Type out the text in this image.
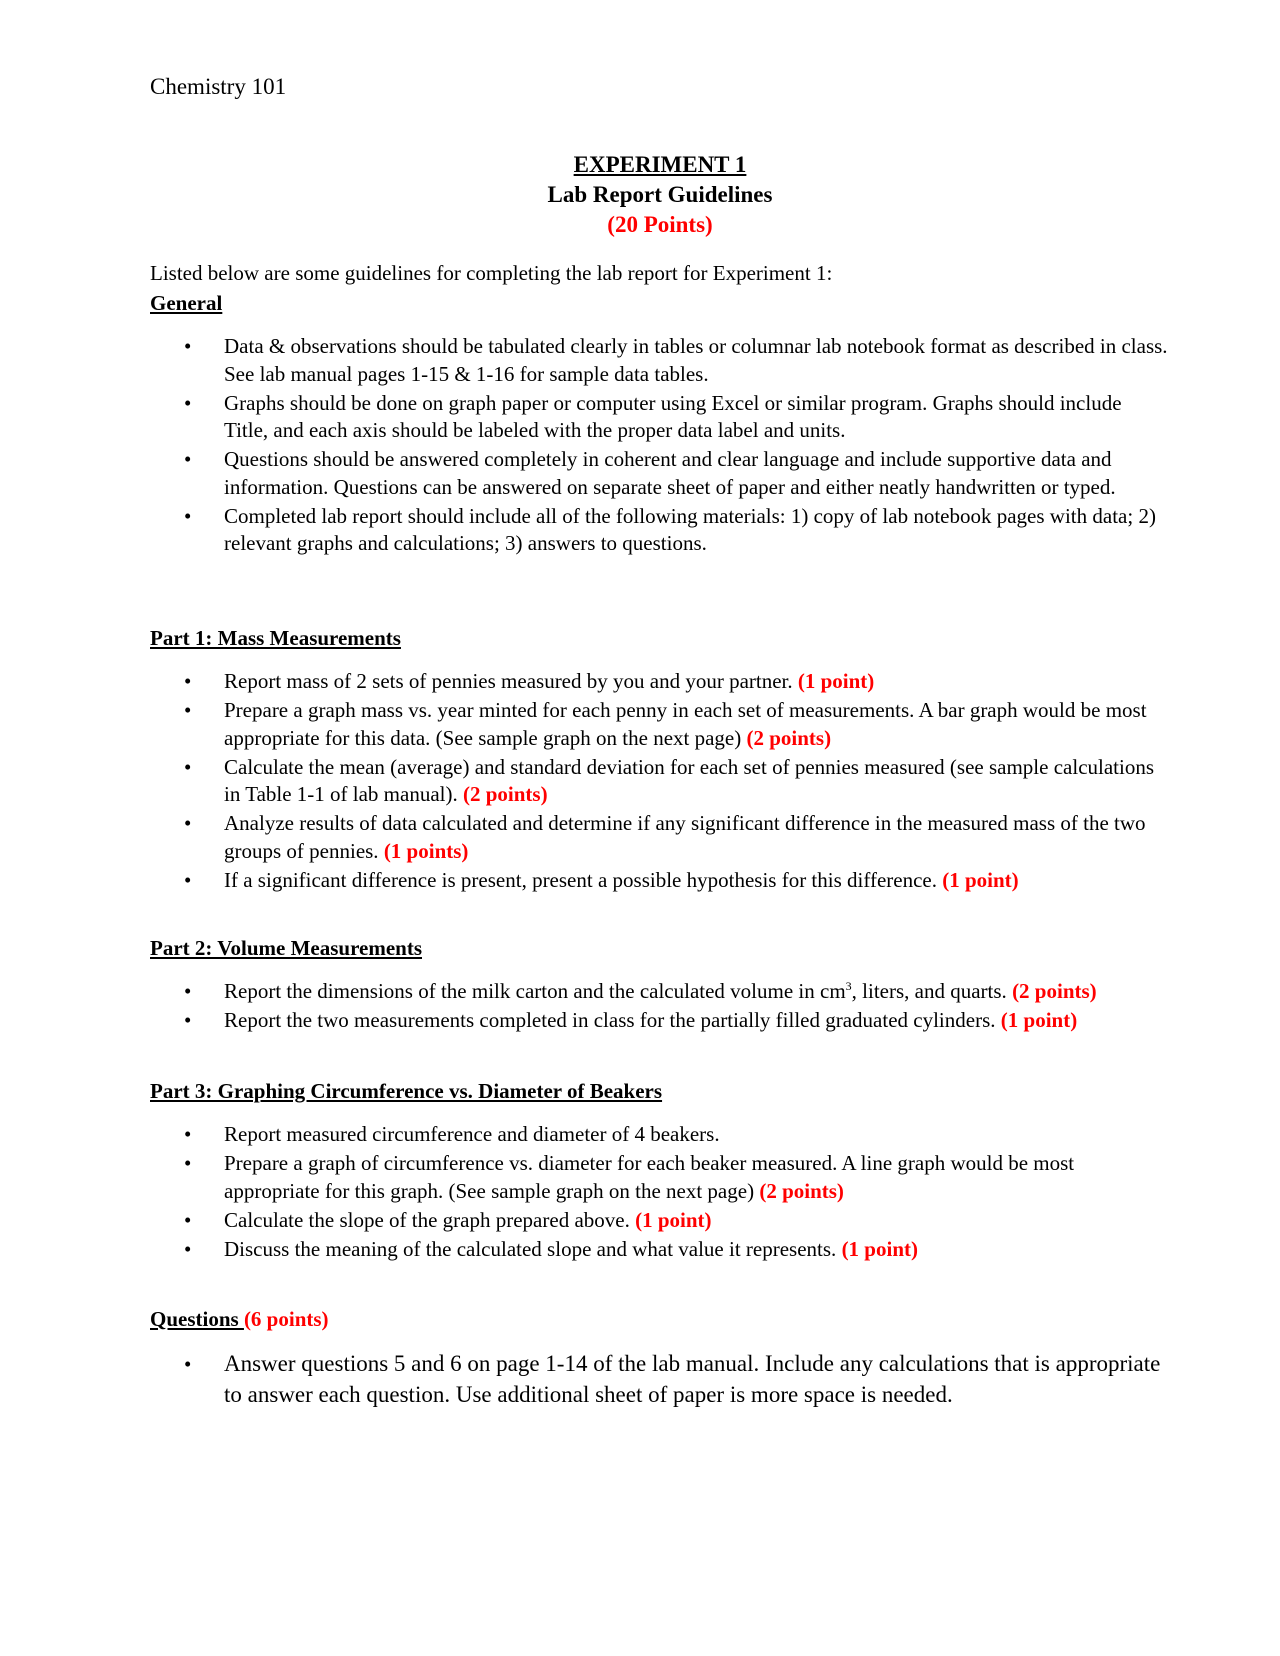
Chemistry 101
EXPERIMENT 1
Lab Report Guidelines
(20 Points)
Listed below are some guidelines for completing the lab report for Experiment 1:
General
• Data & observations should be tabulated clearly in tables or columnar lab notebook format as described in class. See lab manual pages 1-15 & 1-16 for sample data tables.
• Graphs should be done on graph paper or computer using Excel or similar program. Graphs should include Title, and each axis should be labeled with the proper data label and units.
• Questions should be answered completely in coherent and clear language and include supportive data and information. Questions can be answered on separate sheet of paper and either neatly handwritten or typed.
• Completed lab report should include all of the following materials: 1) copy of lab notebook pages with data; 2) relevant graphs and calculations; 3) answers to questions.
Part 1: Mass Measurements
• Report mass of 2 sets of pennies measured by you and your partner. (1 point)
• Prepare a graph mass vs. year minted for each penny in each set of measurements. A bar graph would be most appropriate for this data. (See sample graph on the next page) (2 points)
• Calculate the mean (average) and standard deviation for each set of pennies measured (see sample calculations in Table 1-1 of lab manual). (2 points)
• Analyze results of data calculated and determine if any significant difference in the measured mass of the two groups of pennies. (1 points)
• If a significant difference is present, present a possible hypothesis for this difference. (1 point)
Part 2: Volume Measurements
• Report the dimensions of the milk carton and the calculated volume in $cm^3$, liters, and quarts. (2 points)
• Report the two measurements completed in class for the partially filled graduated cylinders. (1 point)
Part 3: Graphing Circumference vs. Diameter of Beakers
• Report measured circumference and diameter of 4 beakers.
• Prepare a graph of circumference vs. diameter for each beaker measured. A line graph would be most appropriate for this graph. (See sample graph on the next page) (2 points)
• Calculate the slope of the graph prepared above. (1 point)
• Discuss the meaning of the calculated slope and what value it represents. (1 point)
Questions (6 points)
• Answer questions 5 and 6 on page 1-14 of the lab manual. Include any calculations that is appropriate to answer each question. Use additional sheet of paper is more space is needed.
